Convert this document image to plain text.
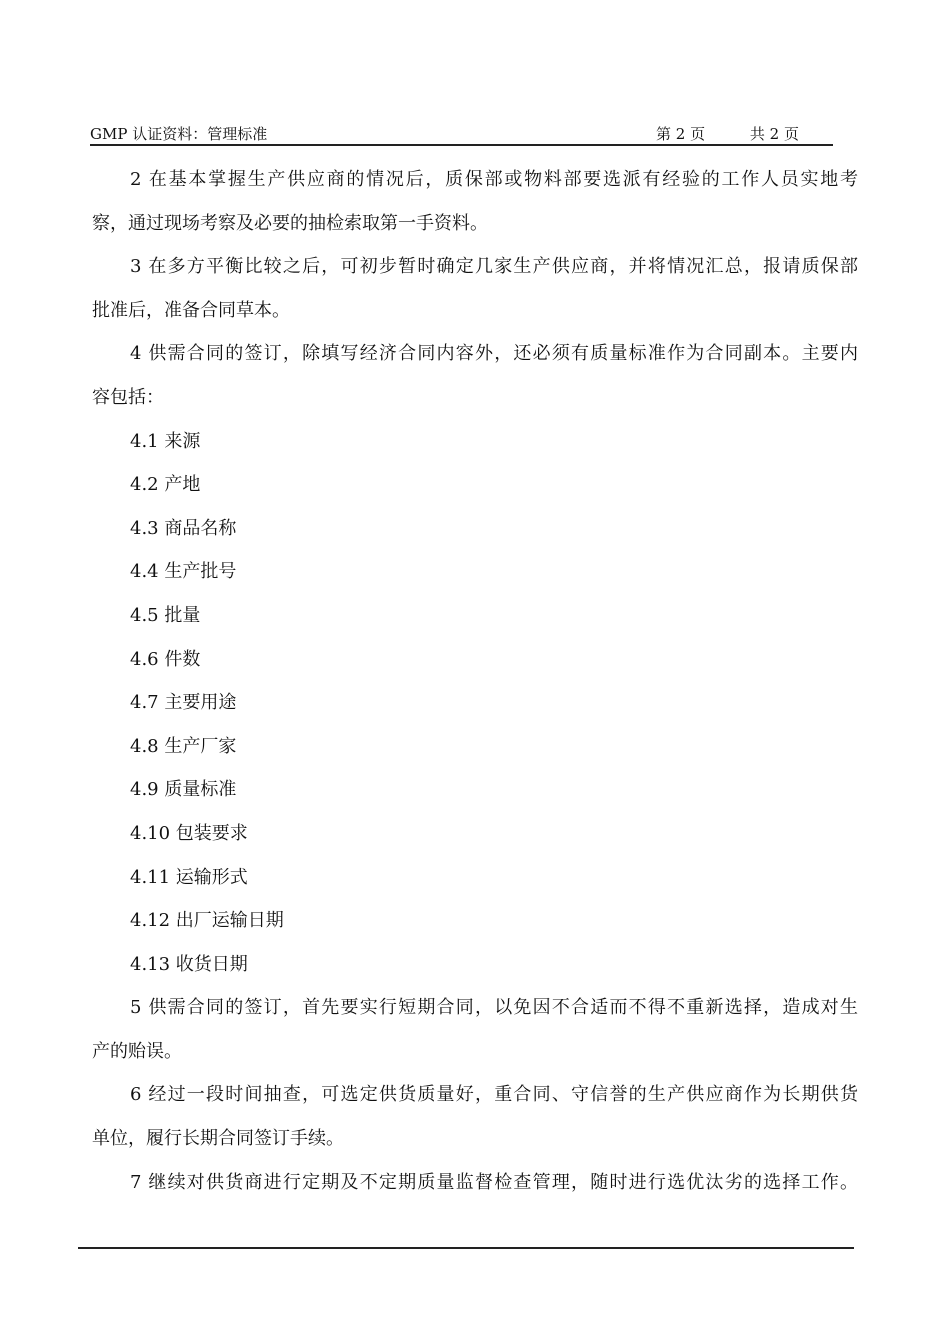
GMP 认证资料：管理标准	第 2 页	共 2 页
2 在基本掌握生产供应商的情况后，质保部或物料部要选派有经验的工作人员实地考
察，通过现场考察及必要的抽检索取第一手资料。
3 在多方平衡比较之后，可初步暂时确定几家生产供应商，并将情况汇总，报请质保部
批准后，准备合同草本。
4 供需合同的签订，除填写经济合同内容外，还必须有质量标准作为合同副本。主要内
容包括：
4.1 来源
4.2 产地
4.3 商品名称
4.4 生产批号
4.5 批量
4.6 件数
4.7 主要用途
4.8 生产厂家
4.9 质量标准
4.10 包装要求
4.11 运输形式
4.12 出厂运输日期
4.13 收货日期
5 供需合同的签订，首先要实行短期合同，以免因不合适而不得不重新选择，造成对生
产的贻误。
6 经过一段时间抽查，可选定供货质量好，重合同、守信誉的生产供应商作为长期供货
单位，履行长期合同签订手续。
7 继续对供货商进行定期及不定期质量监督检查管理，随时进行选优汰劣的选择工作。
